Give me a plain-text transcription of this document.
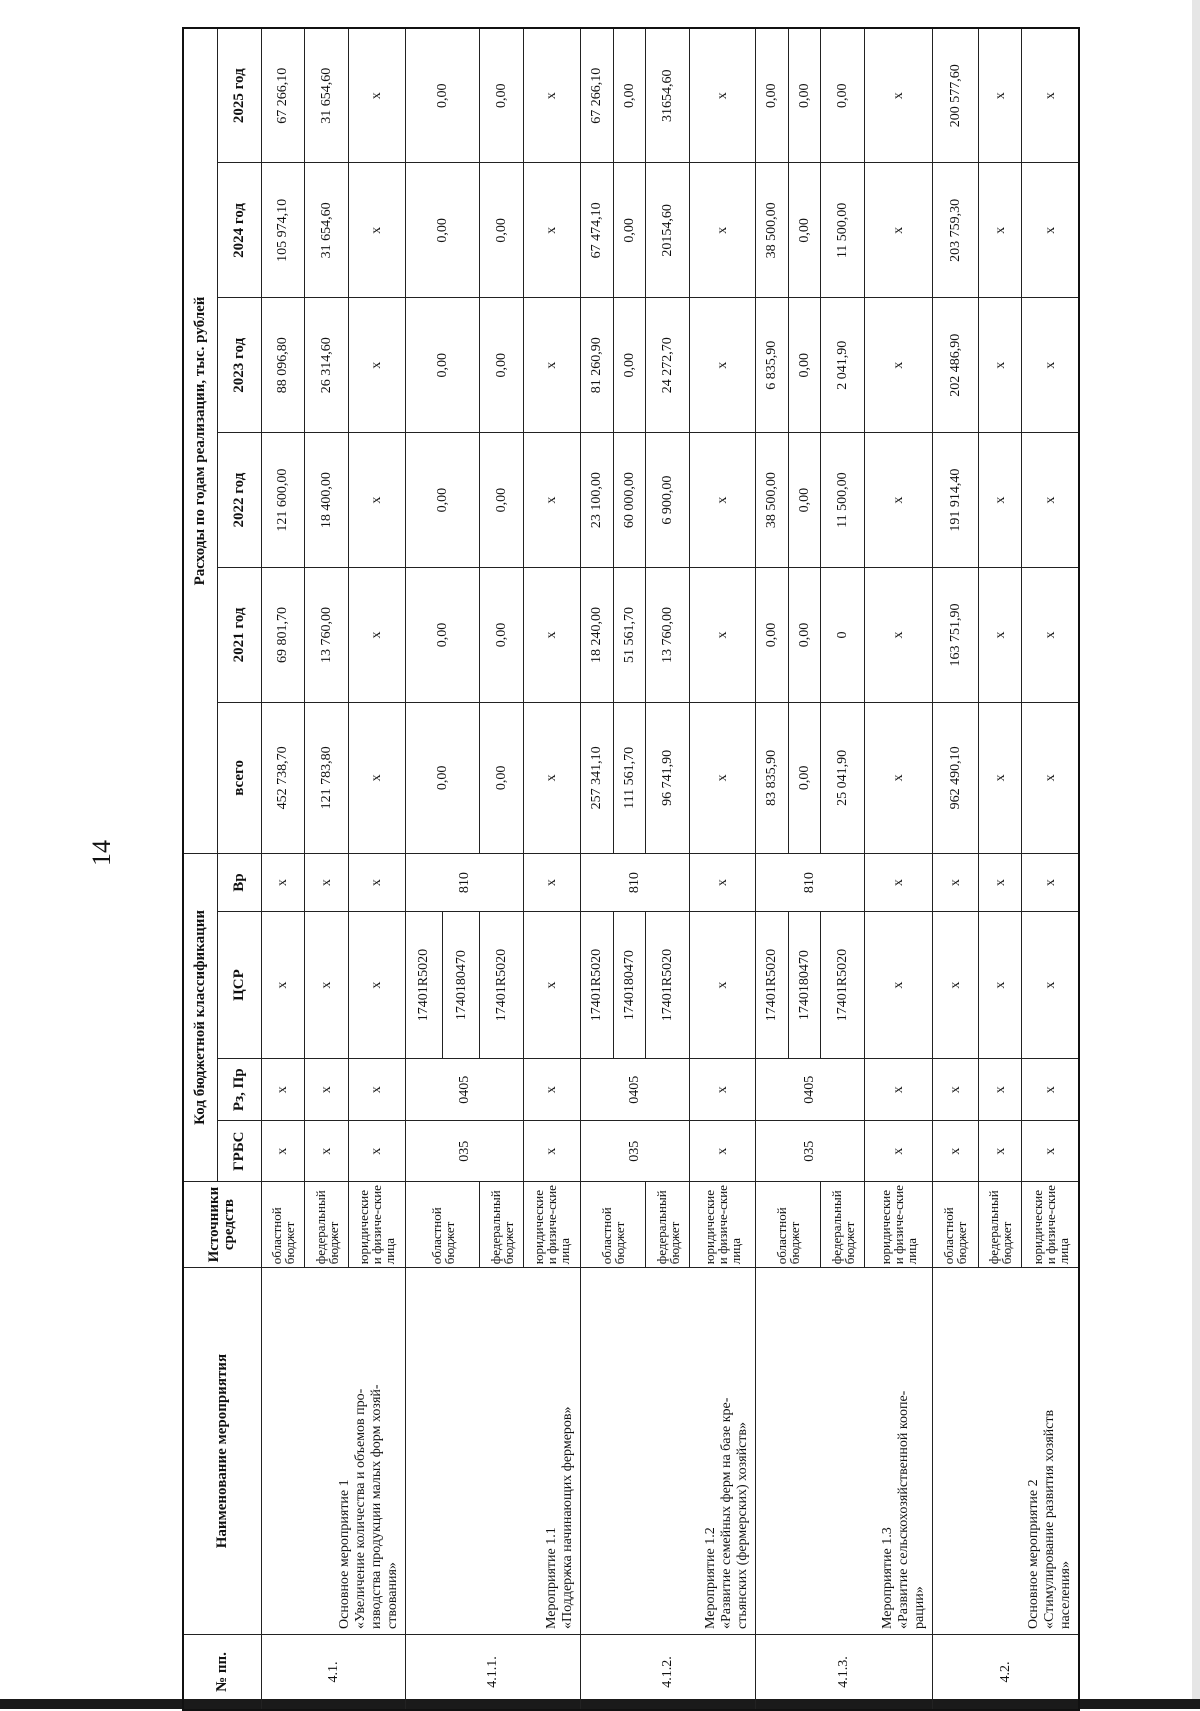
14
№ пп.	Наименование мероприятия	Источники средств	Код бюджетной классификации				Расходы по годам реализации, тыс. рублей					
			ГРБС	Рз, Пр	ЦСР	Вр	всего	2021 год	2022 год	2023 год	2024 год	2025 год
4.1.	Основное мероприятие 1 «Увеличение количества и объемов про- изводства продукции малых форм хозяй- ствования»	областной бюджет	x	x	x	x	452 738,70	69 801,70	121 600,00	88 096,80	105 974,10	67 266,10
		федеральный бюджет	x	x	x	x	121 783,80	13 760,00	18 400,00	26 314,60	31 654,60	31 654,60
		юридические и физиче-ские лица	x	x	x	x	x	x	x	x	x	x
4.1.1.	Мероприятие 1.1 «Поддержка начинающих фермеров»	областной бюджет	035	0405	17401R5020	810	0,00	0,00	0,00	0,00	0,00	0,00
					1740180470							
		федеральный бюджет			17401R5020		0,00	0,00	0,00	0,00	0,00	0,00
		юридические и физиче-ские лица	x	x	x	x	x	x	x	x	x	x
4.1.2.	Мероприятие 1.2 «Развитие семейных ферм на базе кре- стьянских (фермерских) хозяйств»	областной бюджет	035	0405	17401R5020	810	257 341,10	18 240,00	23 100,00	81 260,90	67 474,10	67 266,10
					1740180470		111 561,70	51 561,70	60 000,00	0,00	0,00	0,00
		федеральный бюджет			17401R5020		96 741,90	13 760,00	6 900,00	24 272,70	20154,60	31654,60
		юридические и физиче-ские лица	x	x	x	x	x	x	x	x	x	x
4.1.3.	Мероприятие 1.3 «Развитие сельскохозяйственной коопе- рации»	областной бюджет	035	0405	17401R5020	810	83 835,90	0,00	38 500,00	6 835,90	38 500,00	0,00
					1740180470		0,00	0,00	0,00	0,00	0,00	0,00
		федеральный бюджет			17401R5020		25 041,90	0	11 500,00	2 041,90	11 500,00	0,00
		юридические и физиче-ские лица	x	x	x	x	x	x	x	x	x	x
4.2.	Основное мероприятие 2 «Стимулирование развития хозяйств населения»	областной бюджет	x	x	x	x	962 490,10	163 751,90	191 914,40	202 486,90	203 759,30	200 577,60
		федеральный бюджет	x	x	x	x	x	x	x	x	x	x
		юридические и физиче-ские лица	x	x	x	x	x	x	x	x	x	x
